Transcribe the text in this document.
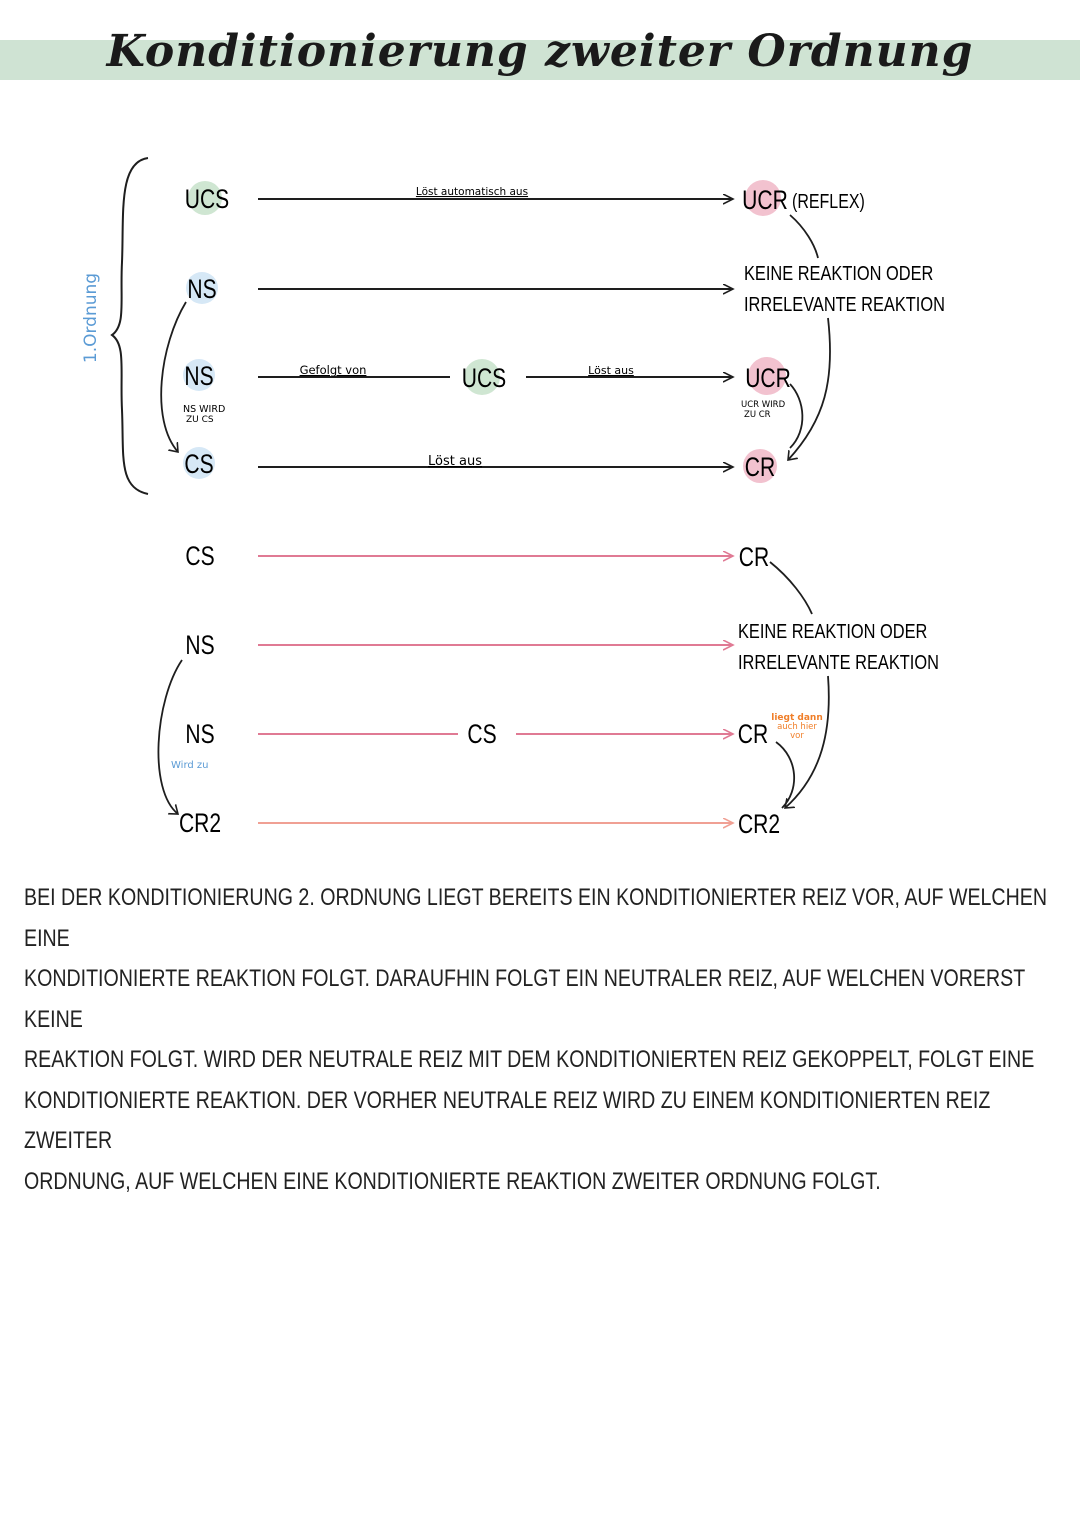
Konditionierung zweiter Ordnung
1.Ordnung
UCS	Löst automatisch aus	UCR (REFLEX)
NS
KEINE REAKTION ODER
IRRELEVANTE REAKTION
NS	Gefolgt von	UCS	Löst aus	UCR
NS WIRD
ZU CS
UCR WIRD
ZU CR
CS	Löst aus	CR
CS	CR
NS	KEINE REAKTION ODER
IRRELEVANTE REAKTION
NS	CS	CR
Wird zu
liegt dann
auch hier
vor
CR2	CR2

BEI DER KONDITIONIERUNG 2. ORDNUNG LIEGT BEREITS EIN KONDITIONIERTER REIZ VOR, AUF WELCHEN EINE

KONDITIONIERTE REAKTION FOLGT. DARAUFHIN FOLGT EIN NEUTRALER REIZ, AUF WELCHEN VORERST KEINE

REAKTION FOLGT. WIRD DER NEUTRALE REIZ MIT DEM KONDITIONIERTEN REIZ GEKOPPELT, FOLGT EINE

KONDITIONIERTE REAKTION. DER VORHER NEUTRALE REIZ WIRD ZU EINEM KONDITIONIERTEN REIZ ZWEITER

ORDNUNG, AUF WELCHEN EINE KONDITIONIERTE REAKTION ZWEITER ORDNUNG FOLGT.
